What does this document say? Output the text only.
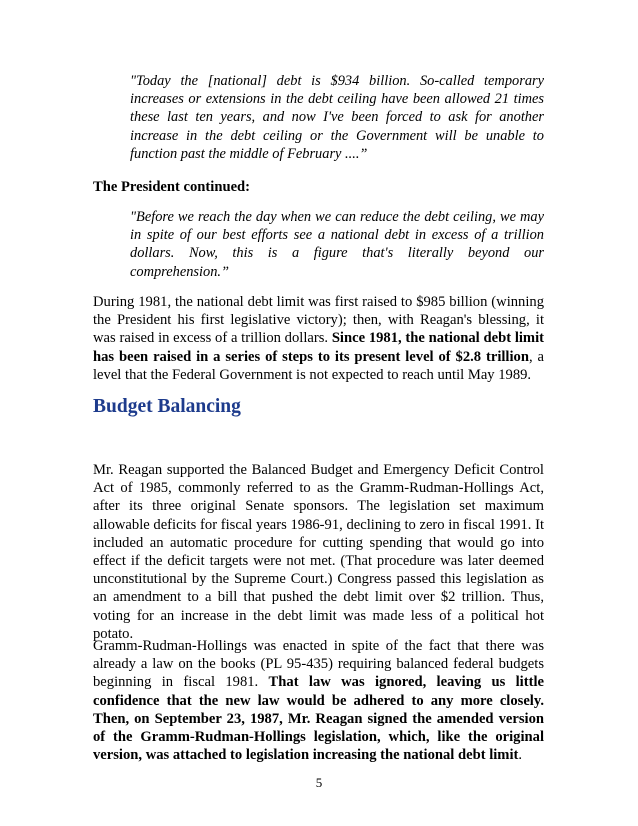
"Today the [national] debt is $934 billion. So-called temporary increases or extensions in the debt ceiling have been allowed 21 times these last ten years, and now I've been forced to ask for another increase in the debt ceiling or the Government will be unable to function past the middle of February ....”
The President continued:
"Before we reach the day when we can reduce the debt ceiling, we may in spite of our best efforts see a national debt in excess of a trillion dollars. Now, this is a figure that's literally beyond our comprehension.”
During 1981, the national debt limit was first raised to $985 billion (winning the President his first legislative victory); then, with Reagan's blessing, it was raised in excess of a trillion dollars. Since 1981, the national debt limit has been raised in a series of steps to its present level of $2.8 trillion, a level that the Federal Government is not expected to reach until May 1989.
Budget Balancing
Mr. Reagan supported the Balanced Budget and Emergency Deficit Control Act of 1985, commonly referred to as the Gramm-Rudman-Hollings Act, after its three original Senate sponsors. The legislation set maximum allowable deficits for fiscal years 1986-91, declining to zero in fiscal 1991. It included an automatic procedure for cutting spending that would go into effect if the deficit targets were not met. (That procedure was later deemed unconstitutional by the Supreme Court.) Congress passed this legislation as an amendment to a bill that pushed the debt limit over $2 trillion. Thus, voting for an increase in the debt limit was made less of a political hot potato.
Gramm-Rudman-Hollings was enacted in spite of the fact that there was already a law on the books (PL 95-435) requiring balanced federal budgets beginning in fiscal 1981. That law was ignored, leaving us little confidence that the new law would be adhered to any more closely. Then, on September 23, 1987, Mr. Reagan signed the amended version of the Gramm-Rudman-Hollings legislation, which, like the original version, was attached to legislation increasing the national debt limit.
5
